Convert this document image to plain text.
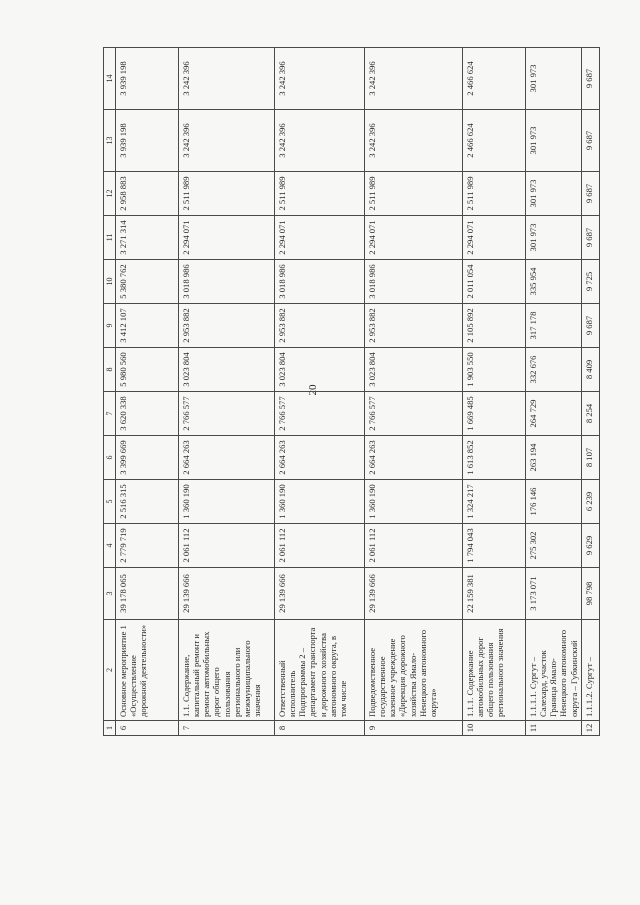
20
1	2	3	4	5	6	7	8	9	10	11	12	13	14
6	Основное мероприятие 1 «Осуществление дорожной деятельности»	39 178 065	2 779 719	2 516 315	3 399 669	3 620 338	5 980 560	3 412 107	5 380 762	3 271 314	2 958 883	3 939 198	3 939 198
7	1.1. Содержание, капитальный ремонт и ремонт автомобильных дорог общего пользования регионального или межмуниципального значения	29 139 666	2 061 112	1 360 190	2 664 263	2 766 577	3 023 804	2 953 882	3 018 986	2 294 071	2 511 989	3 242 396	3 242 396
8	Ответственный исполнитель Подпрограммы 2 – департамент транспорта и дорожного хозяйства автономного округа, в том числе	29 139 666	2 061 112	1 360 190	2 664 263	2 766 577	3 023 804	2 953 882	3 018 986	2 294 071	2 511 989	3 242 396	3 242 396
9	Подведомственное государственное казенное учреждение «Дирекция дорожного хозяйства Ямало-Ненецкого автономного округа»	29 139 666	2 061 112	1 360 190	2 664 263	2 766 577	3 023 804	2 953 882	3 018 986	2 294 071	2 511 989	3 242 396	3 242 396
10	1.1.1. Содержание автомобильных дорог общего пользования регионального значения	22 159 381	1 794 043	1 324 217	1 613 852	1 669 485	1 903 550	2 105 892	2 011 054	2 294 071	2 511 989	2 466 624	2 466 624
11	1.1.1.1. Сургут – Салехард, участок Граница Ямало-Ненецкого автономного округа – Губкинский	3 173 071	275 302	176 146	263 194	264 729	332 676	317 178	335 954	301 973	301 973	301 973	301 973
12	1.1.1.2. Сургут –	98 798	9 629	6 239	8 107	8 254	8 409	9 687	9 725	9 687	9 687	9 687	9 687
